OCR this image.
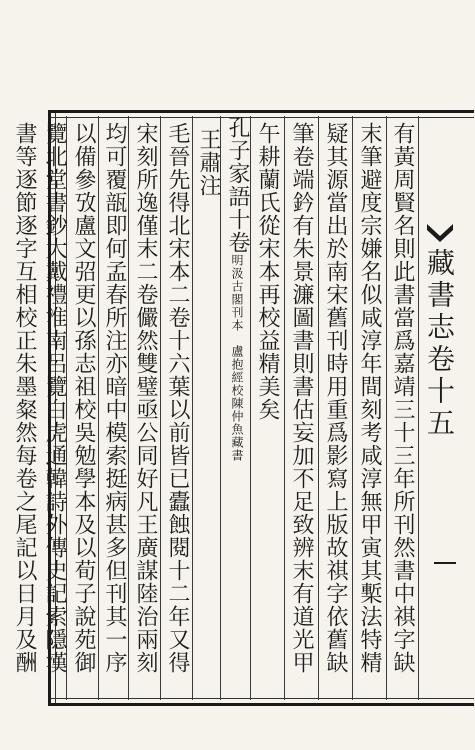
藏書志卷十五
有黃周賢名則此書當爲嘉靖三十三年所刊然書中祺字缺
末筆避度宗嫌名似咸淳年間刻考咸淳無甲寅其槧法特精
疑其源當出於南宋舊刊時用重爲影寫上版故祺字依舊缺
筆卷端鈐有朱景濂圖書則書估妄加不足致辨末有道光甲
午耕蘭氏從宋本再校益精美矣
孔子家語十卷明汲古閣刊本　盧抱經校陳仲魚藏書
王肅注
毛晉先得北宋本二卷十六葉以前皆已蠹蝕閱十二年又得
宋刻所逸僅末二卷儼然雙璧亟公同好凡王廣謀陸治兩刻
均可覆瓿即何孟春所注亦暗中模索挺病甚多但刊其一序
以備參攷盧文弨更以孫志祖校吳勉學本及以荀子說苑御
覽北堂書鈔大戴禮淮南呂覽白虎通韓詩外傳史記索隱漢
書等逐節逐字互相校正朱墨粲然每卷之尾記以日月及酬
